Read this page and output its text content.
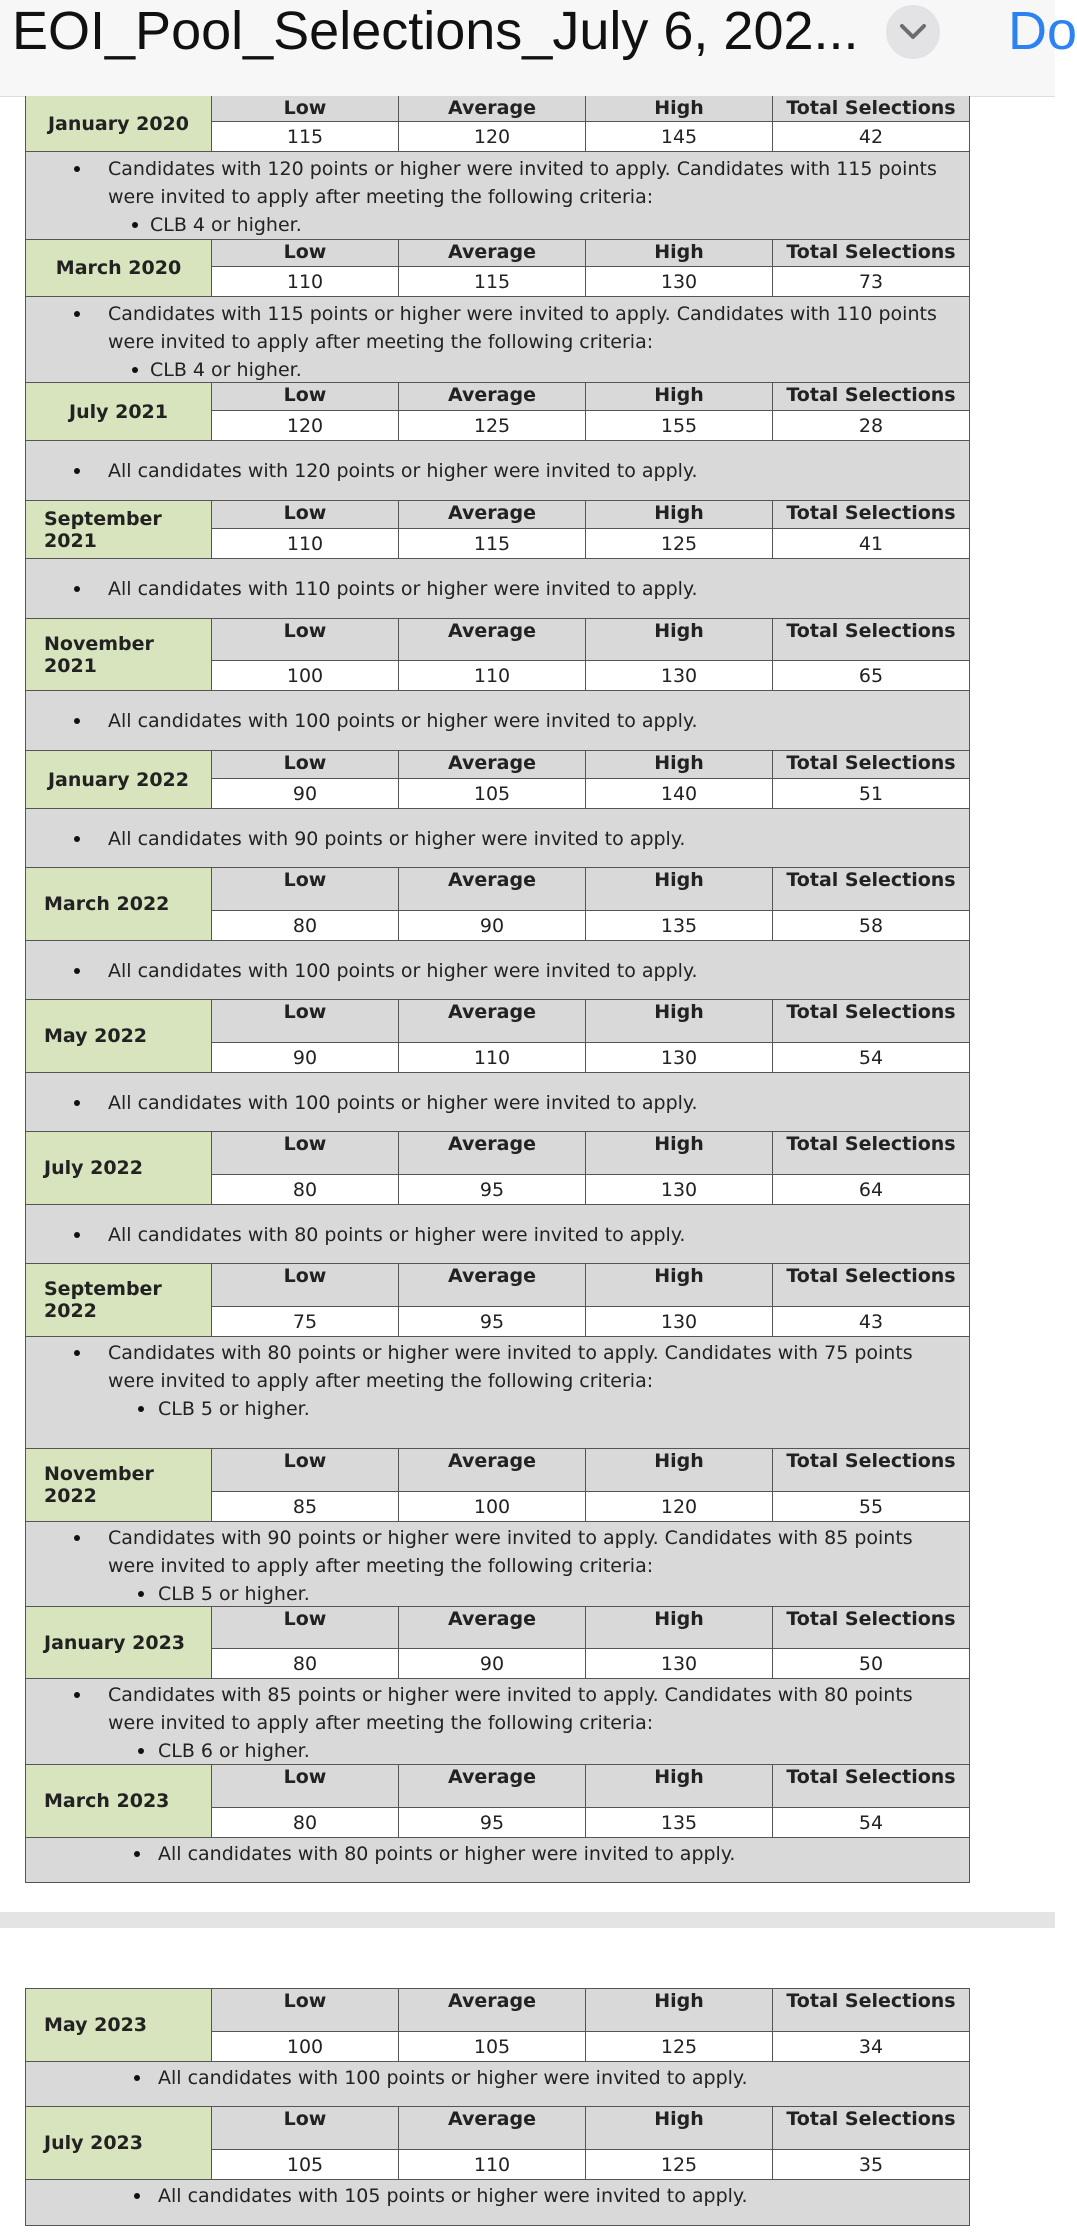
EOI_Pool_Selections_July 6, 202...	Do
January 2020
Low	Average	High	Total Selections
115	120	145	42
Candidates with 120 points or higher were invited to apply. Candidates with 115 points were invited to apply after meeting the following criteria:
CLB 4 or higher.
March 2020
Low	Average	High	Total Selections
110	115	130	73
Candidates with 115 points or higher were invited to apply. Candidates with 110 points were invited to apply after meeting the following criteria:
CLB 4 or higher.
July 2021
Low	Average	High	Total Selections
120	125	155	28
All candidates with 120 points or higher were invited to apply.
September 2021
Low	Average	High	Total Selections
110	115	125	41
All candidates with 110 points or higher were invited to apply.
November 2021
Low	Average	High	Total Selections
100	110	130	65
All candidates with 100 points or higher were invited to apply.
January 2022
Low	Average	High	Total Selections
90	105	140	51
All candidates with 90 points or higher were invited to apply.
March 2022
Low	Average	High	Total Selections
80	90	135	58
All candidates with 100 points or higher were invited to apply.
May 2022
Low	Average	High	Total Selections
90	110	130	54
All candidates with 100 points or higher were invited to apply.
July 2022
Low	Average	High	Total Selections
80	95	130	64
All candidates with 80 points or higher were invited to apply.
September 2022
Low	Average	High	Total Selections
75	95	130	43
Candidates with 80 points or higher were invited to apply. Candidates with 75 points were invited to apply after meeting the following criteria:
CLB 5 or higher.
November 2022
Low	Average	High	Total Selections
85	100	120	55
Candidates with 90 points or higher were invited to apply. Candidates with 85 points were invited to apply after meeting the following criteria:
CLB 5 or higher.
January 2023
Low	Average	High	Total Selections
80	90	130	50
Candidates with 85 points or higher were invited to apply. Candidates with 80 points were invited to apply after meeting the following criteria:
CLB 6 or higher.
March 2023
Low	Average	High	Total Selections
80	95	135	54
All candidates with 80 points or higher were invited to apply.
May 2023
Low	Average	High	Total Selections
100	105	125	34
All candidates with 100 points or higher were invited to apply.
July 2023
Low	Average	High	Total Selections
105	110	125	35
All candidates with 105 points or higher were invited to apply.
